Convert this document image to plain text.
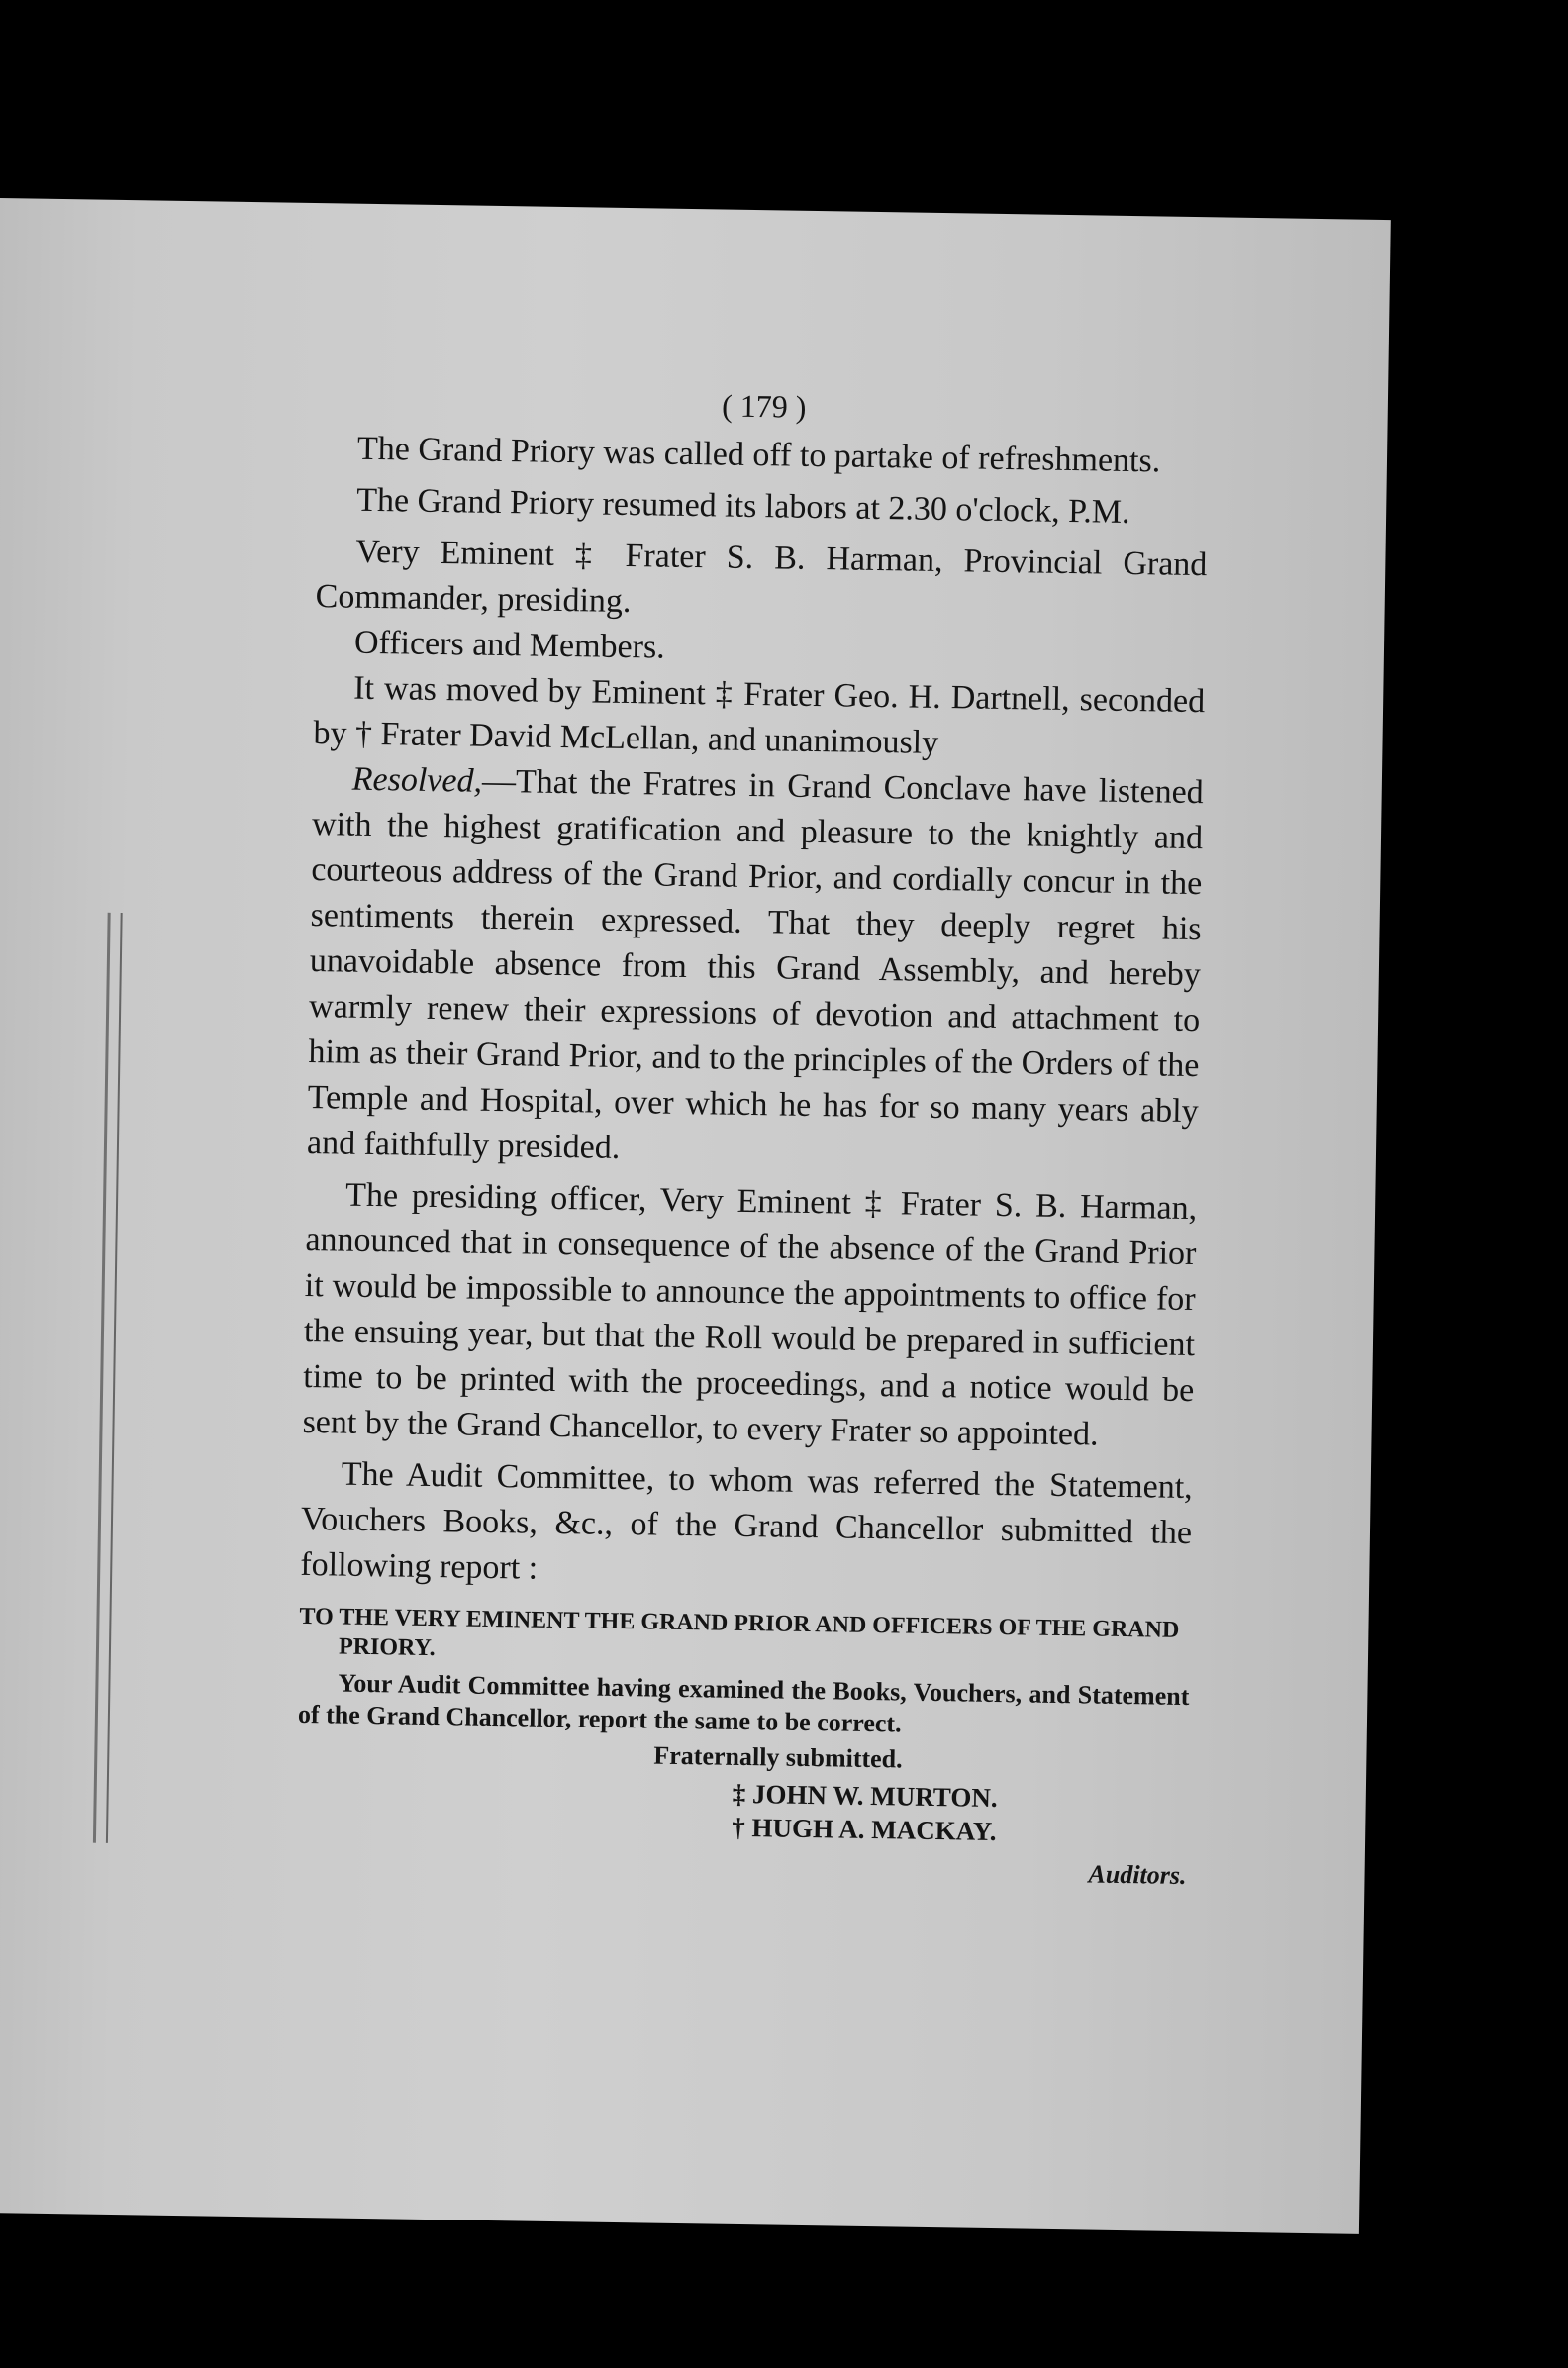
( 179 )

The Grand Priory was called off to partake of refreshments.

The Grand Priory resumed its labors at 2.30 o'clock, P.M.

Very Eminent ‡ Frater S. B. Harman, Provincial Grand Commander, presiding.

Officers and Members.

It was moved by Eminent ‡ Frater Geo. H. Dartnell, seconded by † Frater David McLellan, and unanimously

Resolved,—That the Fratres in Grand Conclave have listened with the highest gratification and pleasure to the knightly and courteous address of the Grand Prior, and cordially concur in the sentiments therein expressed. That they deeply regret his unavoidable absence from this Grand Assembly, and hereby warmly renew their expressions of devotion and attachment to him as their Grand Prior, and to the principles of the Orders of the Temple and Hospital, over which he has for so many years ably and faithfully presided.

The presiding officer, Very Eminent ‡ Frater S. B. Harman, announced that in consequence of the absence of the Grand Prior it would be impossible to announce the appointments to office for the ensuing year, but that the Roll would be prepared in sufficient time to be printed with the proceedings, and a notice would be sent by the Grand Chancellor, to every Frater so appointed.

The Audit Committee, to whom was referred the Statement, Vouchers Books, &c., of the Grand Chancellor submitted the following report :

TO THE VERY EMINENT THE GRAND PRIOR AND OFFICERS OF THE GRAND PRIORY.

Your Audit Committee having examined the Books, Vouchers, and Statement of the Grand Chancellor, report the same to be correct.

Fraternally submitted.

‡ JOHN W. MURTON.
† HUGH A. MACKAY.

Auditors.
